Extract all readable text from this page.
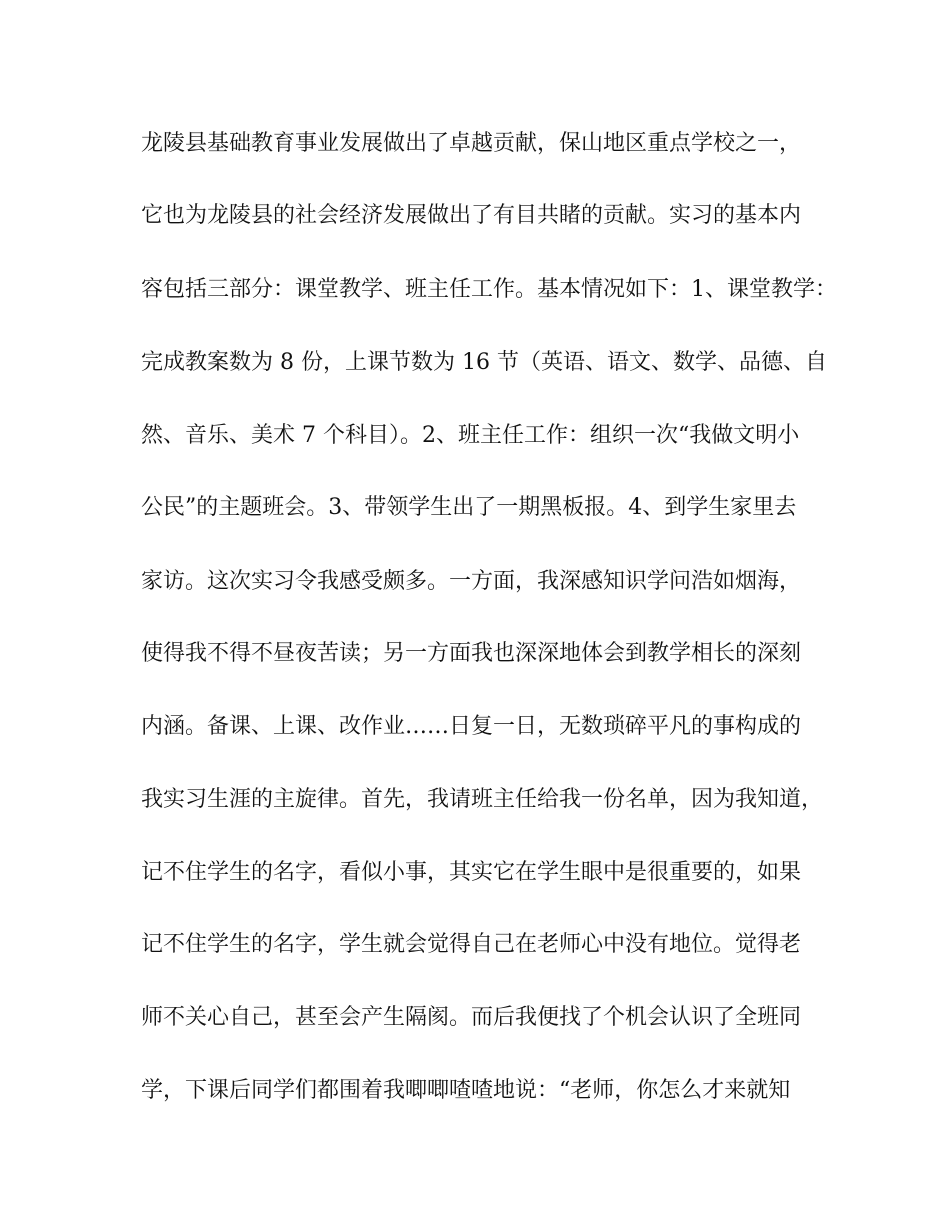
龙陵县基础教育事业发展做出了卓越贡献，保山地区重点学校之一，
它也为龙陵县的社会经济发展做出了有目共睹的贡献。实习的基本内
容包括三部分：课堂教学、班主任工作。基本情况如下：1、课堂教学：
完成教案数为 8 份，上课节数为 16 节（英语、语文、数学、品德、自
然、音乐、美术 7 个科目）。2、班主任工作：组织一次“我做文明小
公民”的主题班会。3、带领学生出了一期黑板报。4、到学生家里去
家访。这次实习令我感受颇多。一方面，我深感知识学问浩如烟海，
使得我不得不昼夜苦读；另一方面我也深深地体会到教学相长的深刻
内涵。备课、上课、改作业……日复一日，无数琐碎平凡的事构成的
我实习生涯的主旋律。首先，我请班主任给我一份名单，因为我知道，
记不住学生的名字，看似小事，其实它在学生眼中是很重要的，如果
记不住学生的名字，学生就会觉得自己在老师心中没有地位。觉得老
师不关心自己，甚至会产生隔阂。而后我便找了个机会认识了全班同
学，下课后同学们都围着我唧唧喳喳地说：“老师，你怎么才来就知
